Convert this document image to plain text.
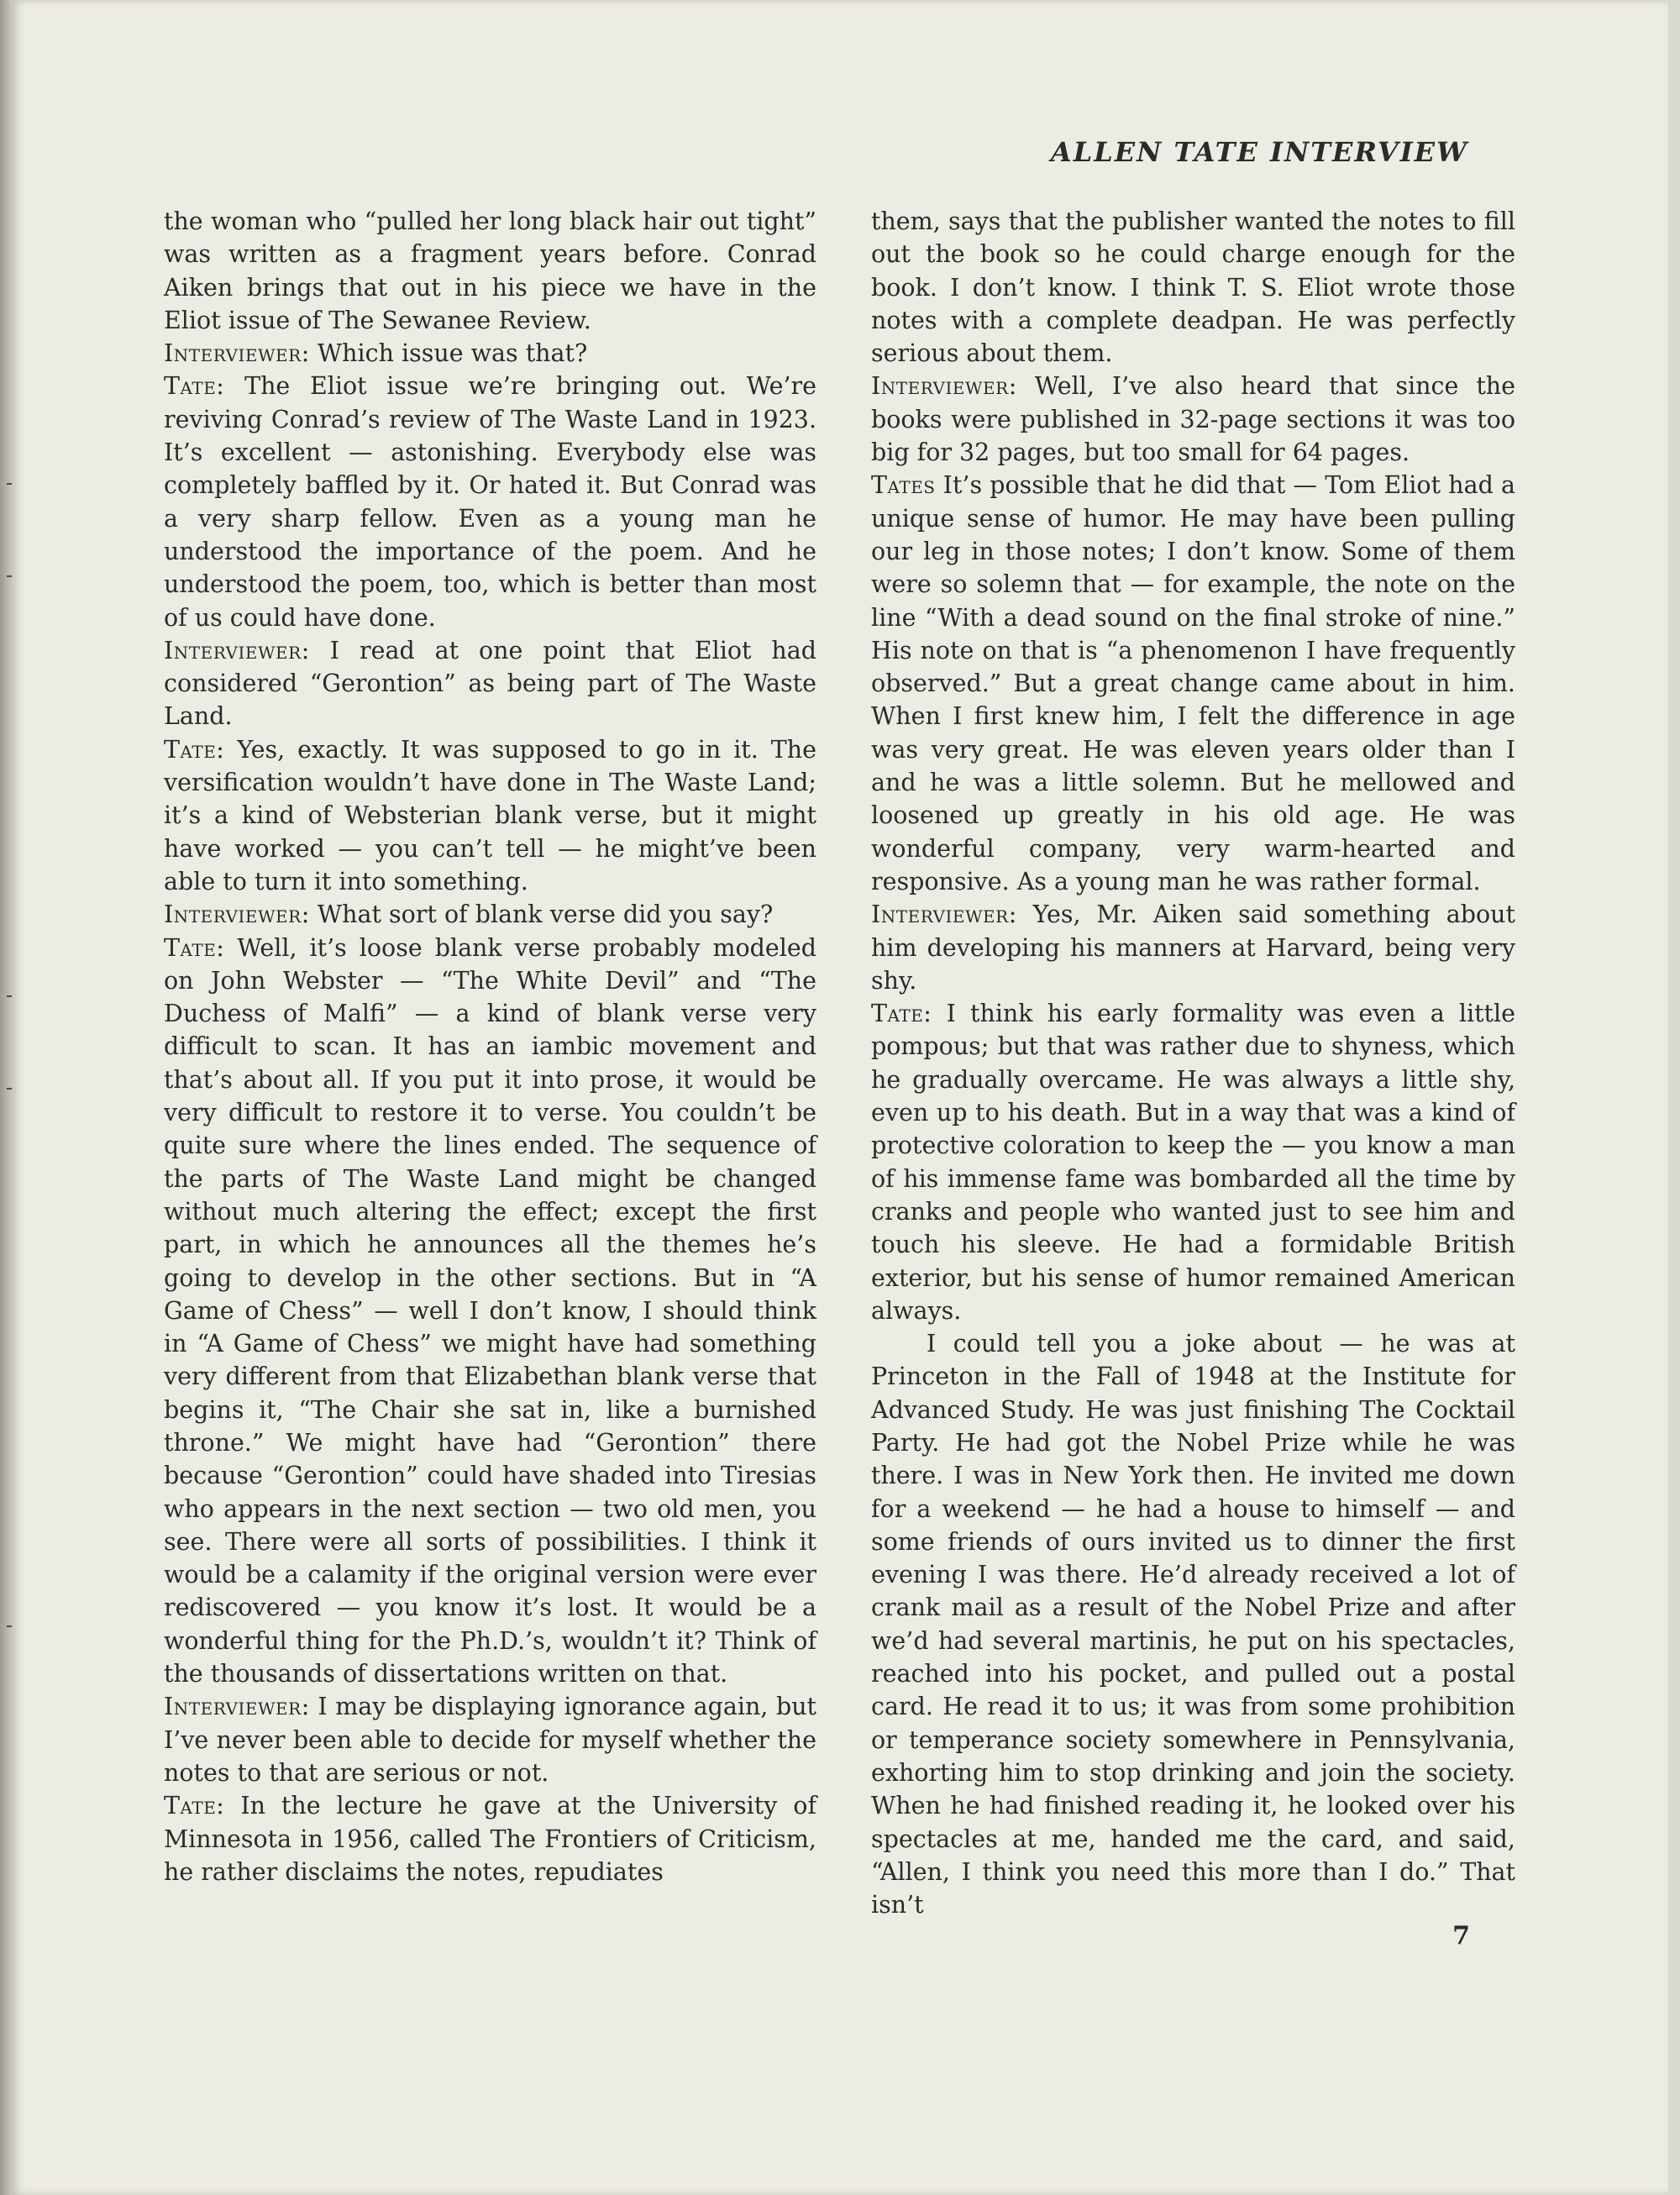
ALLEN TATE INTERVIEW

the woman who “pulled her long black hair out tight” was written as a fragment years before. Conrad Aiken brings that out in his piece we have in the Eliot issue of The Sewanee Review.

Interviewer: Which issue was that?

Tate: The Eliot issue we’re bringing out. We’re reviving Conrad’s review of The Waste Land in 1923. It’s excellent — astonishing. Everybody else was completely baffled by it. Or hated it. But Conrad was a very sharp fellow. Even as a young man he understood the importance of the poem. And he understood the poem, too, which is better than most of us could have done.

Interviewer: I read at one point that Eliot had considered “Gerontion” as being part of The Waste Land.

Tate: Yes, exactly. It was supposed to go in it. The versification wouldn’t have done in The Waste Land; it’s a kind of Websterian blank verse, but it might have worked — you can’t tell — he might’ve been able to turn it into something.

Interviewer: What sort of blank verse did you say?

Tate: Well, it’s loose blank verse probably modeled on John Webster — “The White Devil” and “The Duchess of Malfi” — a kind of blank verse very difficult to scan. It has an iambic movement and that’s about all. If you put it into prose, it would be very difficult to restore it to verse. You couldn’t be quite sure where the lines ended. The sequence of the parts of The Waste Land might be changed without much altering the effect; except the first part, in which he announces all the themes he’s going to develop in the other sections. But in “A Game of Chess” — well I don’t know, I should think in “A Game of Chess” we might have had something very different from that Elizabethan blank verse that begins it, “The Chair she sat in, like a burnished throne.” We might have had “Gerontion” there because “Gerontion” could have shaded into Tiresias who appears in the next section — two old men, you see. There were all sorts of possibilities. I think it would be a calamity if the original version were ever rediscovered — you know it’s lost. It would be a wonderful thing for the Ph.D.’s, wouldn’t it? Think of the thousands of dissertations written on that.

Interviewer: I may be displaying ignorance again, but I’ve never been able to decide for myself whether the notes to that are serious or not.

Tate: In the lecture he gave at the University of Minnesota in 1956, called The Frontiers of Criticism, he rather disclaims the notes, repudiates

them, says that the publisher wanted the notes to fill out the book so he could charge enough for the book. I don’t know. I think T. S. Eliot wrote those notes with a complete deadpan. He was perfectly serious about them.

Interviewer: Well, I’ve also heard that since the books were published in 32-page sections it was too big for 32 pages, but too small for 64 pages.

Tates It’s possible that he did that — Tom Eliot had a unique sense of humor. He may have been pulling our leg in those notes; I don’t know. Some of them were so solemn that — for example, the note on the line “With a dead sound on the final stroke of nine.” His note on that is “a phenomenon I have frequently observed.” But a great change came about in him. When I first knew him, I felt the difference in age was very great. He was eleven years older than I and he was a little solemn. But he mellowed and loosened up greatly in his old age. He was wonderful company, very warm-hearted and responsive. As a young man he was rather formal.

Interviewer: Yes, Mr. Aiken said something about him developing his manners at Harvard, being very shy.

Tate: I think his early formality was even a little pompous; but that was rather due to shyness, which he gradually overcame. He was always a little shy, even up to his death. But in a way that was a kind of protective coloration to keep the — you know a man of his immense fame was bombarded all the time by cranks and people who wanted just to see him and touch his sleeve. He had a formidable British exterior, but his sense of humor remained American always.

I could tell you a joke about — he was at Princeton in the Fall of 1948 at the Institute for Advanced Study. He was just finishing The Cocktail Party. He had got the Nobel Prize while he was there. I was in New York then. He invited me down for a weekend — he had a house to himself — and some friends of ours invited us to dinner the first evening I was there. He’d already received a lot of crank mail as a result of the Nobel Prize and after we’d had several martinis, he put on his spectacles, reached into his pocket, and pulled out a postal card. He read it to us; it was from some prohibition or temperance society somewhere in Pennsylvania, exhorting him to stop drinking and join the society. When he had finished reading it, he looked over his spectacles at me, handed me the card, and said, “Allen, I think you need this more than I do.” That isn’t

7
